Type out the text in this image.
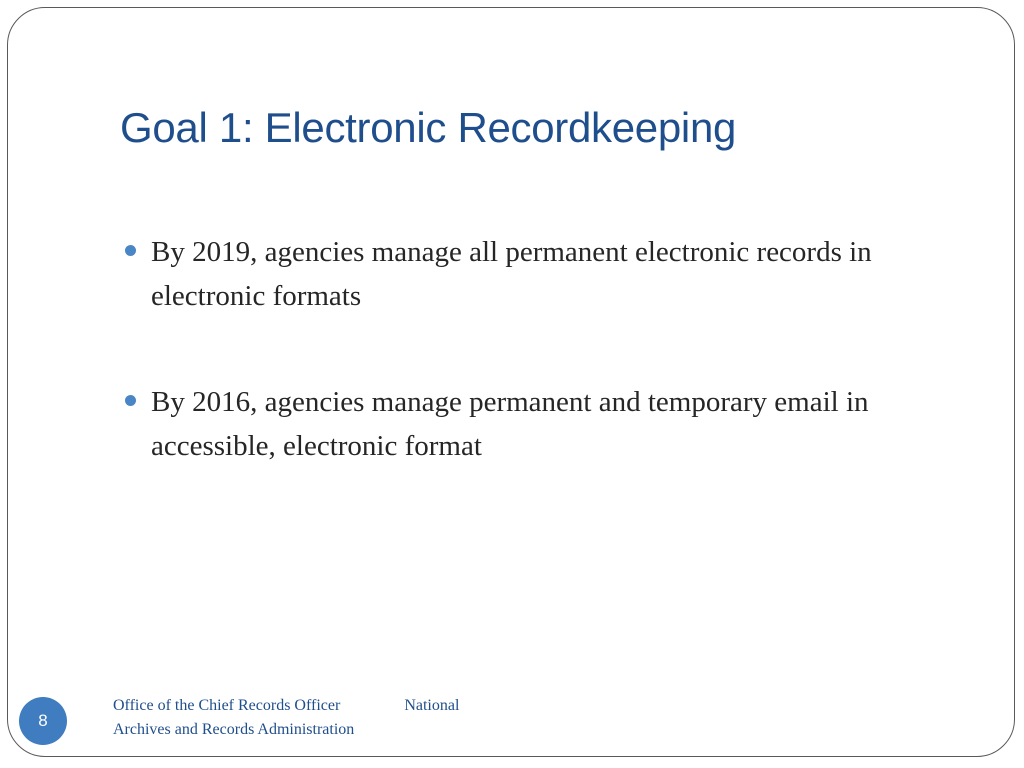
Goal 1: Electronic Recordkeeping
By 2019, agencies manage all permanent electronic records in electronic formats
By 2016, agencies manage permanent and temporary email in accessible, electronic format
8
Office of the Chief Records Officer	National
Archives and Records Administration
